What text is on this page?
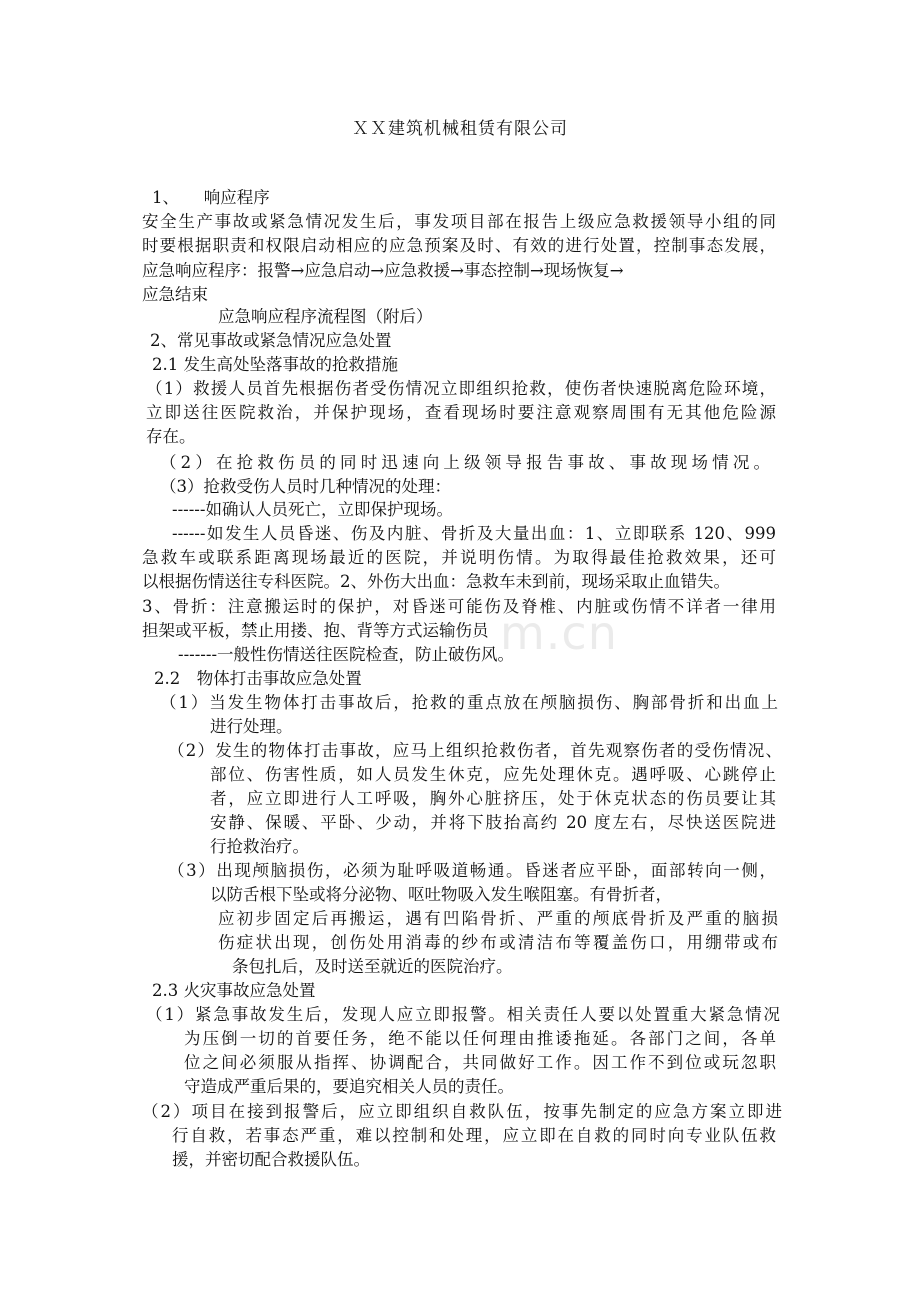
m.cn
ＸＸ建筑机械租赁有限公司
1、　　响应程序
安全生产事故或紧急情况发生后，事发项目部在报告上级应急救援领导小组的同
时要根据职责和权限启动相应的应急预案及时、有效的进行处置，控制事态发展，
应急响应程序：报警→应急启动→应急救援→事态控制→现场恢复→
应急结束
应急响应程序流程图（附后）
2、常见事故或紧急情况应急处置
2.1 发生高处坠落事故的抢救措施
（1）救援人员首先根据伤者受伤情况立即组织抢救，使伤者快速脱离危险环境，
立即送往医院救治，并保护现场，查看现场时要注意观察周围有无其他危险源
存在。
（2）在抢救伤员的同时迅速向上级领导报告事故、事故现场情况。
（3）抢救受伤人员时几种情况的处理：
------如确认人员死亡，立即保护现场。
------如发生人员昏迷、伤及内脏、骨折及大量出血：1、立即联系 120、999
急救车或联系距离现场最近的医院，并说明伤情。为取得最佳抢救效果，还可
以根据伤情送往专科医院。2、外伤大出血：急救车未到前，现场采取止血错失。
3、骨折：注意搬运时的保护，对昏迷可能伤及脊椎、内脏或伤情不详者一律用
担架或平板，禁止用搂、抱、背等方式运输伤员
-------一般性伤情送往医院检查，防止破伤风。
2.2　物体打击事故应急处置
（1）当发生物体打击事故后，抢救的重点放在颅脑损伤、胸部骨折和出血上
进行处理。
（2）发生的物体打击事故，应马上组织抢救伤者，首先观察伤者的受伤情况、
部位、伤害性质，如人员发生休克，应先处理休克。遇呼吸、心跳停止
者，应立即进行人工呼吸，胸外心脏挤压，处于休克状态的伤员要让其
安静、保暖、平卧、少动，并将下肢抬高约 20 度左右，尽快送医院进
行抢救治疗。
（3）出现颅脑损伤，必须为耻呼吸道畅通。昏迷者应平卧，面部转向一侧，
以防舌根下坠或将分泌物、呕吐物吸入发生喉阻塞。有骨折者，
应初步固定后再搬运，遇有凹陷骨折、严重的颅底骨折及严重的脑损
伤症状出现，创伤处用消毒的纱布或清洁布等覆盖伤口，用绷带或布
条包扎后，及时送至就近的医院治疗。
2.3 火灾事故应急处置
（1）紧急事故发生后，发现人应立即报警。相关责任人要以处置重大紧急情况
为压倒一切的首要任务，绝不能以任何理由推诿拖延。各部门之间，各单
位之间必须服从指挥、协调配合，共同做好工作。因工作不到位或玩忽职
守造成严重后果的，要追究相关人员的责任。
（2）项目在接到报警后，应立即组织自救队伍，按事先制定的应急方案立即进
行自救，若事态严重，难以控制和处理，应立即在自救的同时向专业队伍救
援，并密切配合救援队伍。
